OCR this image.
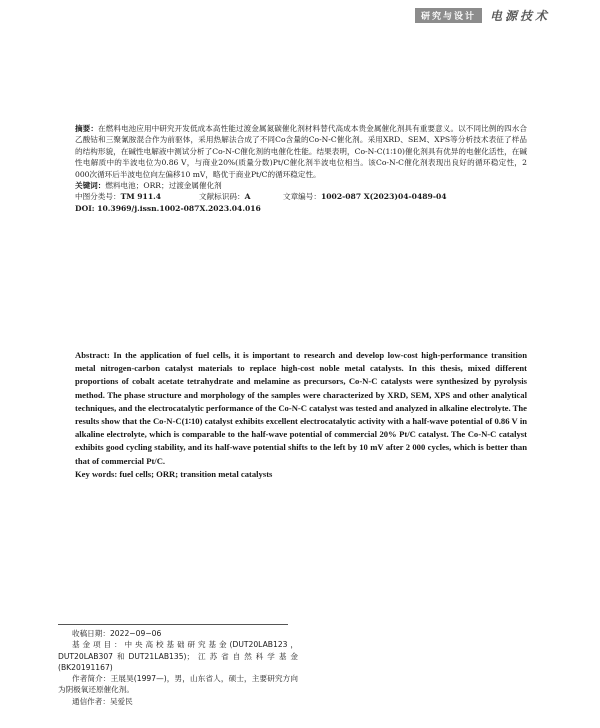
研究与设计	电源技术

摘要：在燃料电池应用中研究开发低成本高性能过渡金属氮碳催化剂材料替代高成本贵金属催化剂具有重要意义。以不同比例的四水合乙酸钴和三聚氰胺混合作为前驱体，采用热解法合成了不同Co含量的Co-N-C催化剂。采用XRD、SEM、XPS等分析技术表征了样品的结构形貌，在碱性电解液中测试分析了Co-N-C催化剂的电催化性能。结果表明，Co-N-C(1∶10)催化剂具有优异的电催化活性，在碱性电解质中的半波电位为0.86 V，与商业20%(质量分数)Pt/C催化剂半波电位相当。该Co-N-C催化剂表现出良好的循环稳定性，2 000次循环后半波电位向左偏移10 mV，略优于商业Pt/C的循环稳定性。

关键词：燃料电池；ORR；过渡金属催化剂

中图分类号：TM 911.4	文献标识码：A	文章编号：1002-087 X(2023)04-0489-04

DOI: 10.3969/j.issn.1002-087X.2023.04.016

Abstract: In the application of fuel cells, it is important to research and develop low-cost high-performance transition metal nitrogen-carbon catalyst materials to replace high-cost noble metal catalysts. In this thesis, mixed different proportions of cobalt acetate tetrahydrate and melamine as precursors, Co-N-C catalysts were synthesized by pyrolysis method. The phase structure and morphology of the samples were characterized by XRD, SEM, XPS and other analytical techniques, and the electrocatalytic performance of the Co-N-C catalyst was tested and analyzed in alkaline electrolyte. The results show that the Co-N-C(1∶10) catalyst exhibits excellent electrocatalytic activity with a half-wave potential of 0.86 V in alkaline electrolyte, which is comparable to the half-wave potential of commercial 20% Pt/C catalyst. The Co-N-C catalyst exhibits good cycling stability, and its half-wave potential shifts to the left by 10 mV after 2 000 cycles, which is better than that of commercial Pt/C.

Key words: fuel cells; ORR; transition metal catalysts

收稿日期：2022−09−06

基金项目：中央高校基础研究基金(DUT20LAB123，DUT20LAB307和DUT21LAB135)；江苏省自然科学基金(BK20191167)

作者简介：王展昊(1997—)，男，山东省人，硕士，主要研究方向为阴极氧还原催化剂。

通信作者：吴爱民
